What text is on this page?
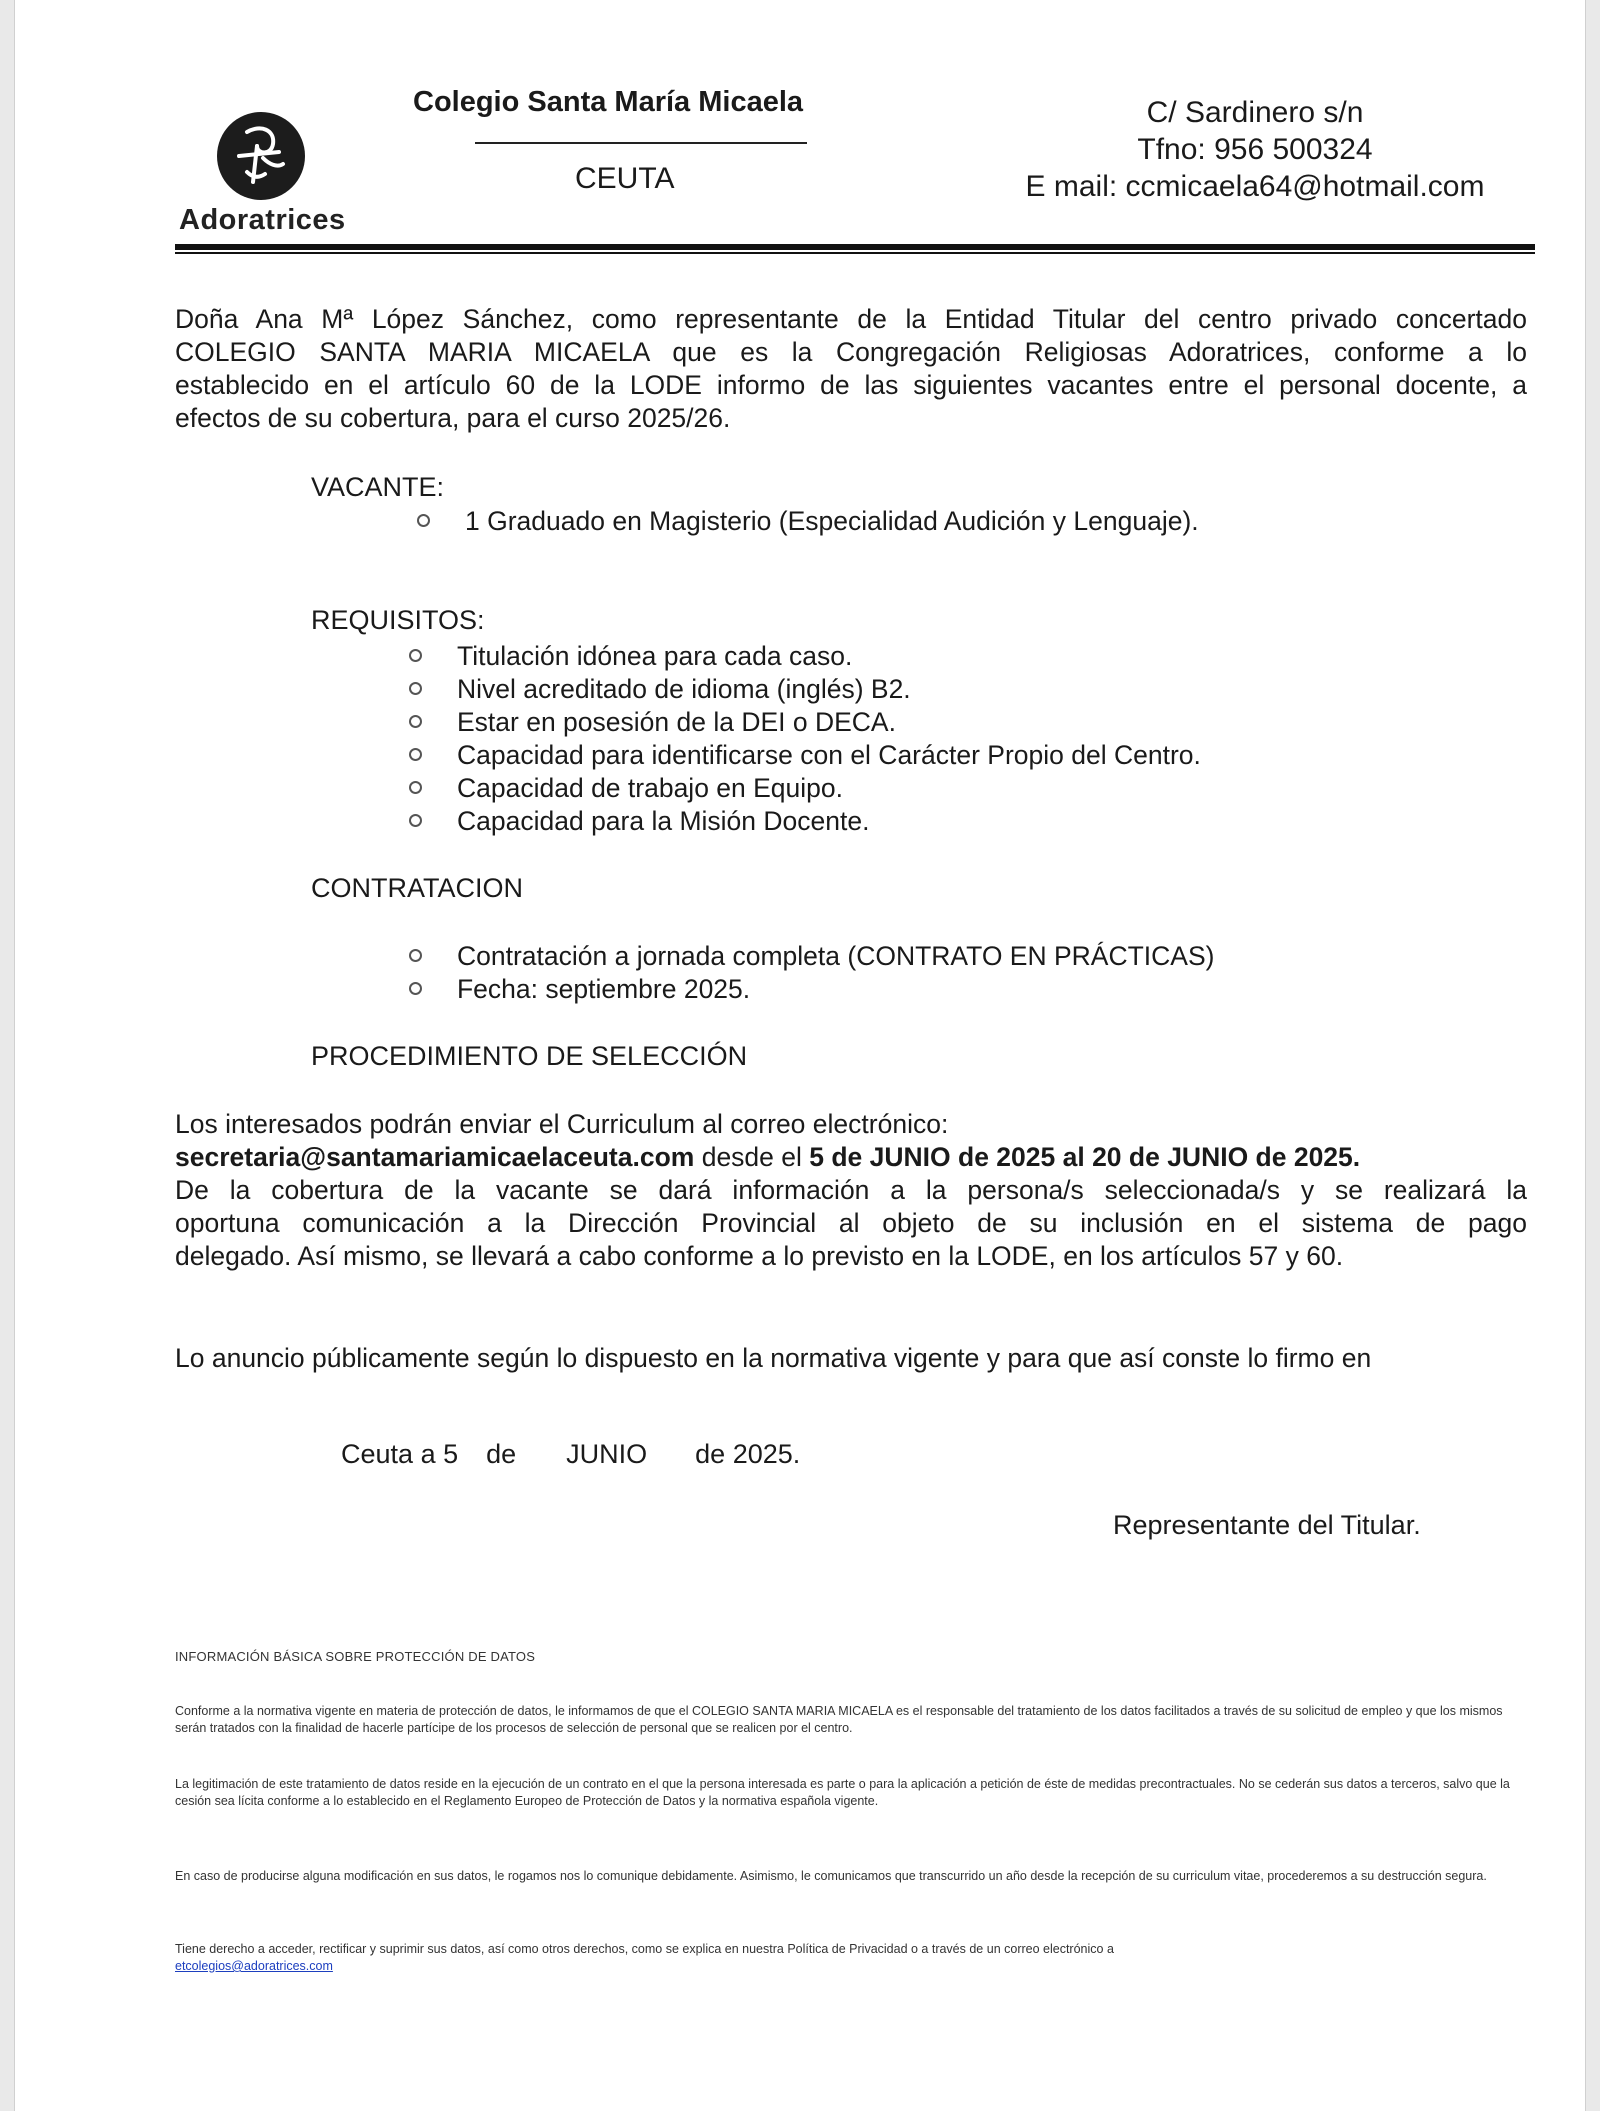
Adoratrices
Colegio Santa María Micaela
CEUTA
C/ Sardinero s/n
Tfno: 956 500324
E mail: ccmicaela64@hotmail.com
Doña Ana Mª López Sánchez, como representante de la Entidad Titular del centro privado concertado
COLEGIO SANTA MARIA MICAELA que es la Congregación Religiosas Adoratrices, conforme a lo
establecido en el artículo 60 de la LODE informo de las siguientes vacantes entre el personal docente, a
efectos de su cobertura, para el curso 2025/26.
VACANTE:
1 Graduado en Magisterio (Especialidad Audición y Lenguaje).
REQUISITOS:
Titulación idónea para cada caso.
Nivel acreditado de idioma (inglés) B2.
Estar en posesión de la DEI o DECA.
Capacidad para identificarse con el Carácter Propio del Centro.
Capacidad de trabajo en Equipo.
Capacidad para la Misión Docente.
CONTRATACION
Contratación a jornada completa (CONTRATO EN PRÁCTICAS)
Fecha: septiembre 2025.
PROCEDIMIENTO DE SELECCIÓN
Los interesados podrán enviar el Curriculum al correo electrónico:
secretaria@santamariamicaelaceuta.com desde el 5 de JUNIO de 2025 al 20 de JUNIO de 2025.
De la cobertura de la vacante se dará información a la persona/s seleccionada/s y se realizará la
oportuna comunicación a la Dirección Provincial al objeto de su inclusión en el sistema de pago
delegado. Así mismo, se llevará a cabo conforme a lo previsto en la LODE, en los artículos 57 y 60.
Lo anuncio públicamente según lo dispuesto en la normativa vigente y para que así conste lo firmo en

Ceuta a 5 de JUNIO de 2025.

Representante del Titular.
INFORMACIÓN BÁSICA SOBRE PROTECCIÓN DE DATOS
Conforme a la normativa vigente en materia de protección de datos, le informamos de que el COLEGIO SANTA MARIA MICAELA es el responsable del tratamiento de los datos facilitados a través de su solicitud de empleo y que los mismos serán tratados con la finalidad de hacerle partícipe de los procesos de selección de personal que se realicen por el centro.
La legitimación de este tratamiento de datos reside en la ejecución de un contrato en el que la persona interesada es parte o para la aplicación a petición de éste de medidas precontractuales. No se cederán sus datos a terceros, salvo que la cesión sea lícita conforme a lo establecido en el Reglamento Europeo de Protección de Datos y la normativa española vigente.
En caso de producirse alguna modificación en sus datos, le rogamos nos lo comunique debidamente. Asimismo, le comunicamos que transcurrido un año desde la recepción de su curriculum vitae, procederemos a su destrucción segura.
Tiene derecho a acceder, rectificar y suprimir sus datos, así como otros derechos, como se explica en nuestra Política de Privacidad o a través de un correo electrónico a
etcolegios@adoratrices.com
